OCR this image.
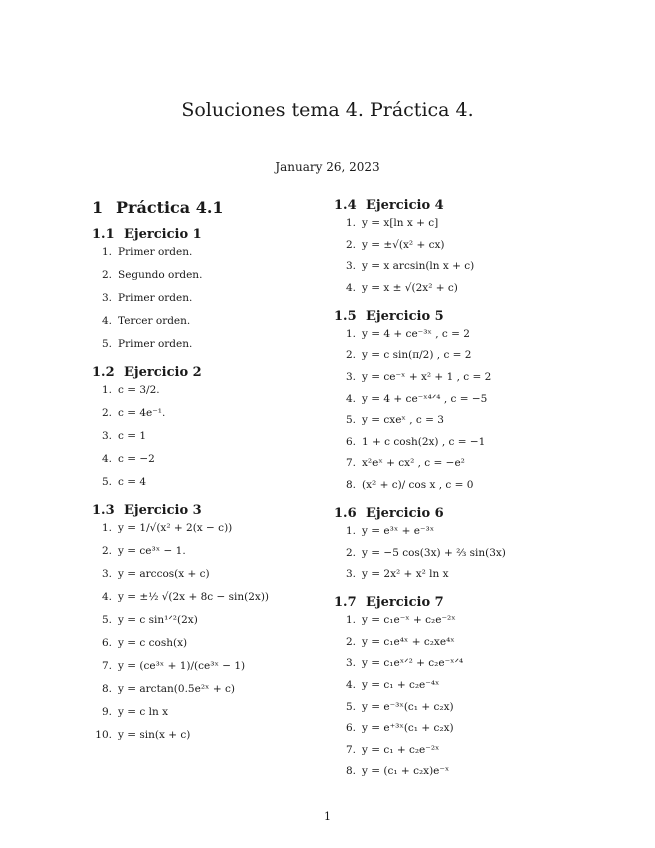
Soluciones tema 4. Práctica 4.
January 26, 2023
1 Práctica 4.1
1.1 Ejercicio 1
1. Primer orden.
2. Segundo orden.
3. Primer orden.
4. Tercer orden.
5. Primer orden.
1.2 Ejercicio 2
1. c = 3/2.
2. c = 4e⁻¹.
3. c = 1
4. c = −2
5. c = 4
1.3 Ejercicio 3
1. y = 1/√(x² + 2(x − c))
2. y = ce³ˣ − 1.
3. y = arccos(x + c)
4. y = ±½ √(2x + 8c − sin(2x))
5. y = c sin¹ᐟ²(2x)
6. y = c cosh(x)
7. y = (ce³ˣ + 1)/(ce³ˣ − 1)
8. y = arctan(0.5e²ˣ + c)
9. y = c ln x
10. y = sin(x + c)
1.4 Ejercicio 4
1. y = x[ln x + c]
2. y = ±√(x² + cx)
3. y = x arcsin(ln x + c)
4. y = x ± √(2x² + c)
1.5 Ejercicio 5
1. y = 4 + ce⁻³ˣ , c = 2
2. y = c sin(π/2) , c = 2
3. y = ce⁻ˣ + x² + 1 , c = 2
4. y = 4 + ce⁻ˣ⁴ᐟ⁴ , c = −5
5. y = cxeˣ , c = 3
6. 1 + c cosh(2x) , c = −1
7. x²eˣ + cx² , c = −e²
8. (x² + c)/ cos x , c = 0
1.6 Ejercicio 6
1. y = e³ˣ + e⁻³ˣ
2. y = −5 cos(3x) + ⅔ sin(3x)
3. y = 2x² + x² ln x
1.7 Ejercicio 7
1. y = c₁e⁻ˣ + c₂e⁻²ˣ
2. y = c₁e⁴ˣ + c₂xe⁴ˣ
3. y = c₁eˣᐟ² + c₂e⁻ˣᐟ⁴
4. y = c₁ + c₂e⁻⁴ˣ
5. y = e⁻³ˣ(c₁ + c₂x)
6. y = e⁺³ˣ(c₁ + c₂x)
7. y = c₁ + c₂e⁻²ˣ
8. y = (c₁ + c₂x)e⁻ˣ
1
